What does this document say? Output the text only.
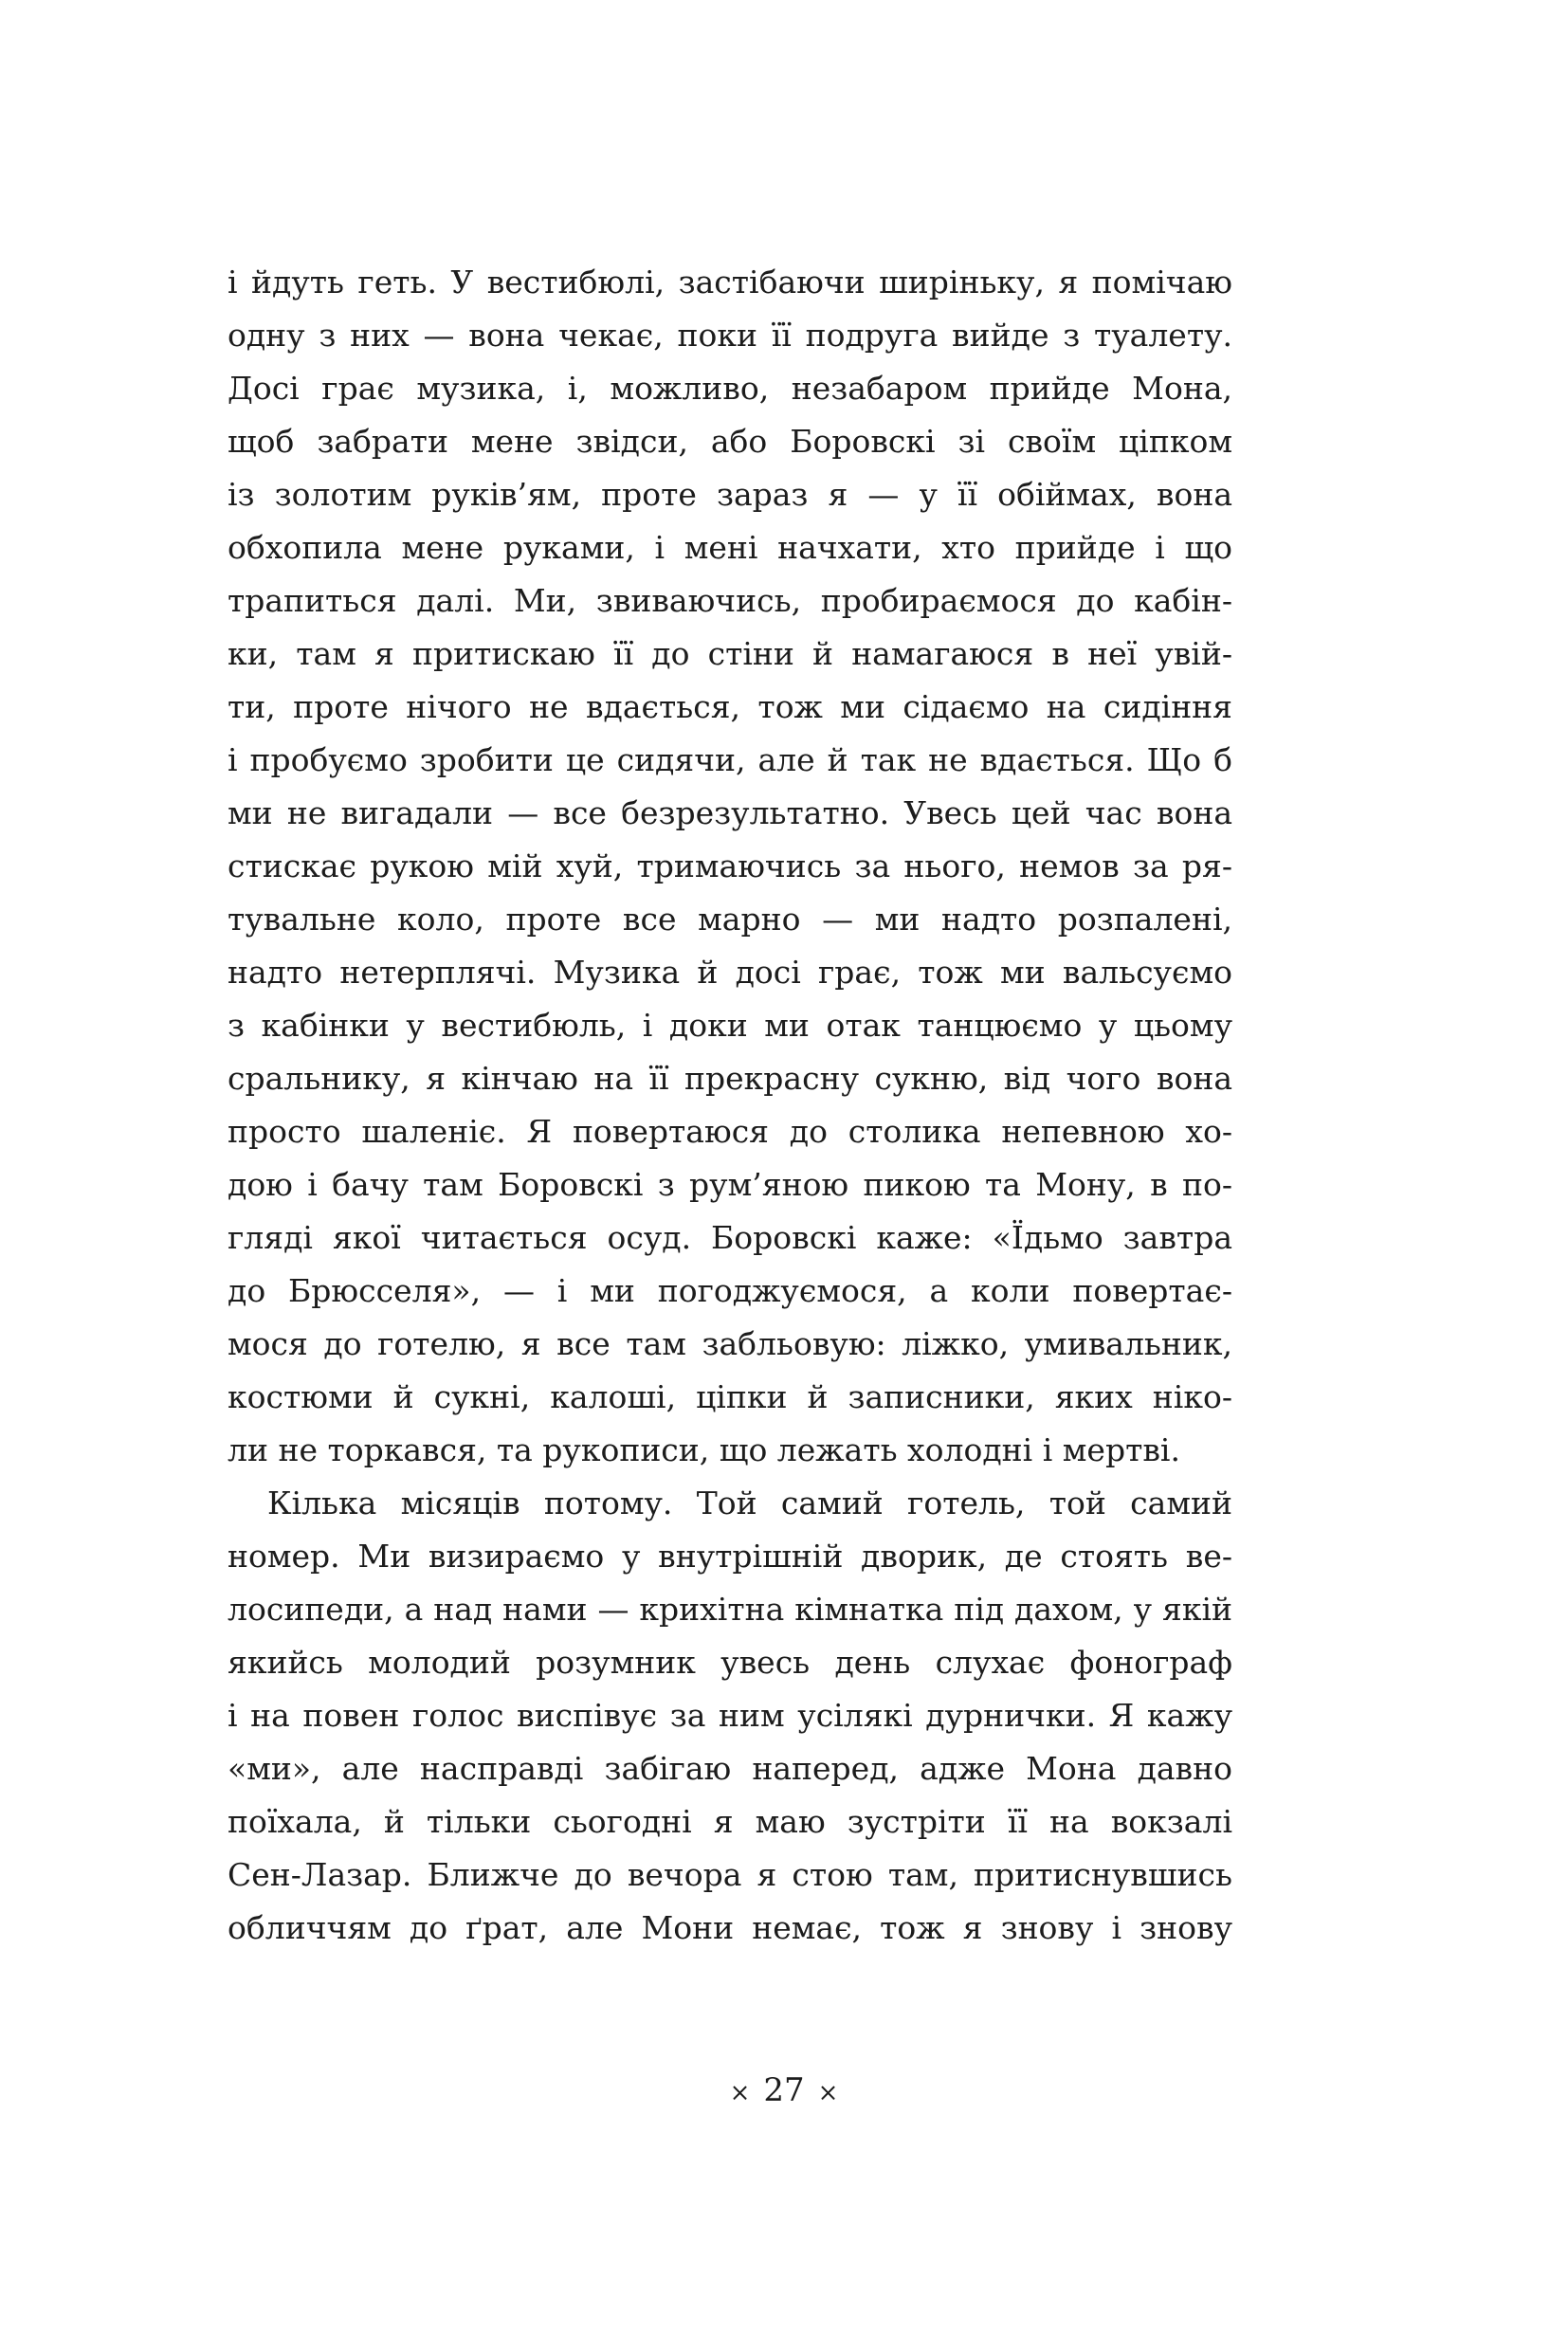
і йдуть геть. У вестибюлі, застібаючи ширіньку, я помічаю
одну з них — вона чекає, поки її подруга вийде з туалету.
Досі грає музика, і, можливо, незабаром прийде Мона,
щоб забрати мене звідси, або Боровскі зі своїм ціпком
із золотим руків’ям, проте зараз я — у її обіймах, вона
обхопила мене руками, і мені начхати, хто прийде і що
трапиться далі. Ми, звиваючись, пробираємося до кабін-
ки, там я притискаю її до стіни й намагаюся в неї увій-
ти, проте нічого не вдається, тож ми сідаємо на сидіння
і пробуємо зробити це сидячи, але й так не вдається. Що б
ми не вигадали — все безрезультатно. Увесь цей час вона
стискає рукою мій хуй, тримаючись за нього, немов за ря-
тувальне коло, проте все марно — ми надто розпалені,
надто нетерплячі. Музика й досі грає, тож ми вальсуємо
з кабінки у вестибюль, і доки ми отак танцюємо у цьому
сральнику, я кінчаю на її прекрасну сукню, від чого вона
просто шаленіє. Я повертаюся до столика непевною хо-
дою і бачу там Боровскі з рум’яною пикою та Мону, в по-
гляді якої читається осуд. Боровскі каже: «Їдьмо завтра
до Брюсселя», — і ми погоджуємося, а коли повертає-
мося до готелю, я все там забльовую: ліжко, умивальник,
костюми й сукні, калоші, ціпки й записники, яких ніко-
ли не торкався, та рукописи, що лежать холодні і мертві.
Кілька місяців потому. Той самий готель, той самий
номер. Ми визираємо у внутрішній дворик, де стоять ве-
лосипеди, а над нами — крихітна кімнатка під дахом, у якій
якийсь молодий розумник увесь день слухає фонограф
і на повен голос виспівує за ним усілякі дурнички. Я кажу
«ми», але насправді забігаю наперед, адже Мона давно
поїхала, й тільки сьогодні я маю зустріти її на вокзалі
Сен-Лазар. Ближче до вечора я стою там, притиснувшись
обличчям до ґрат, але Мони немає, тож я знову і знову
× 27 ×
